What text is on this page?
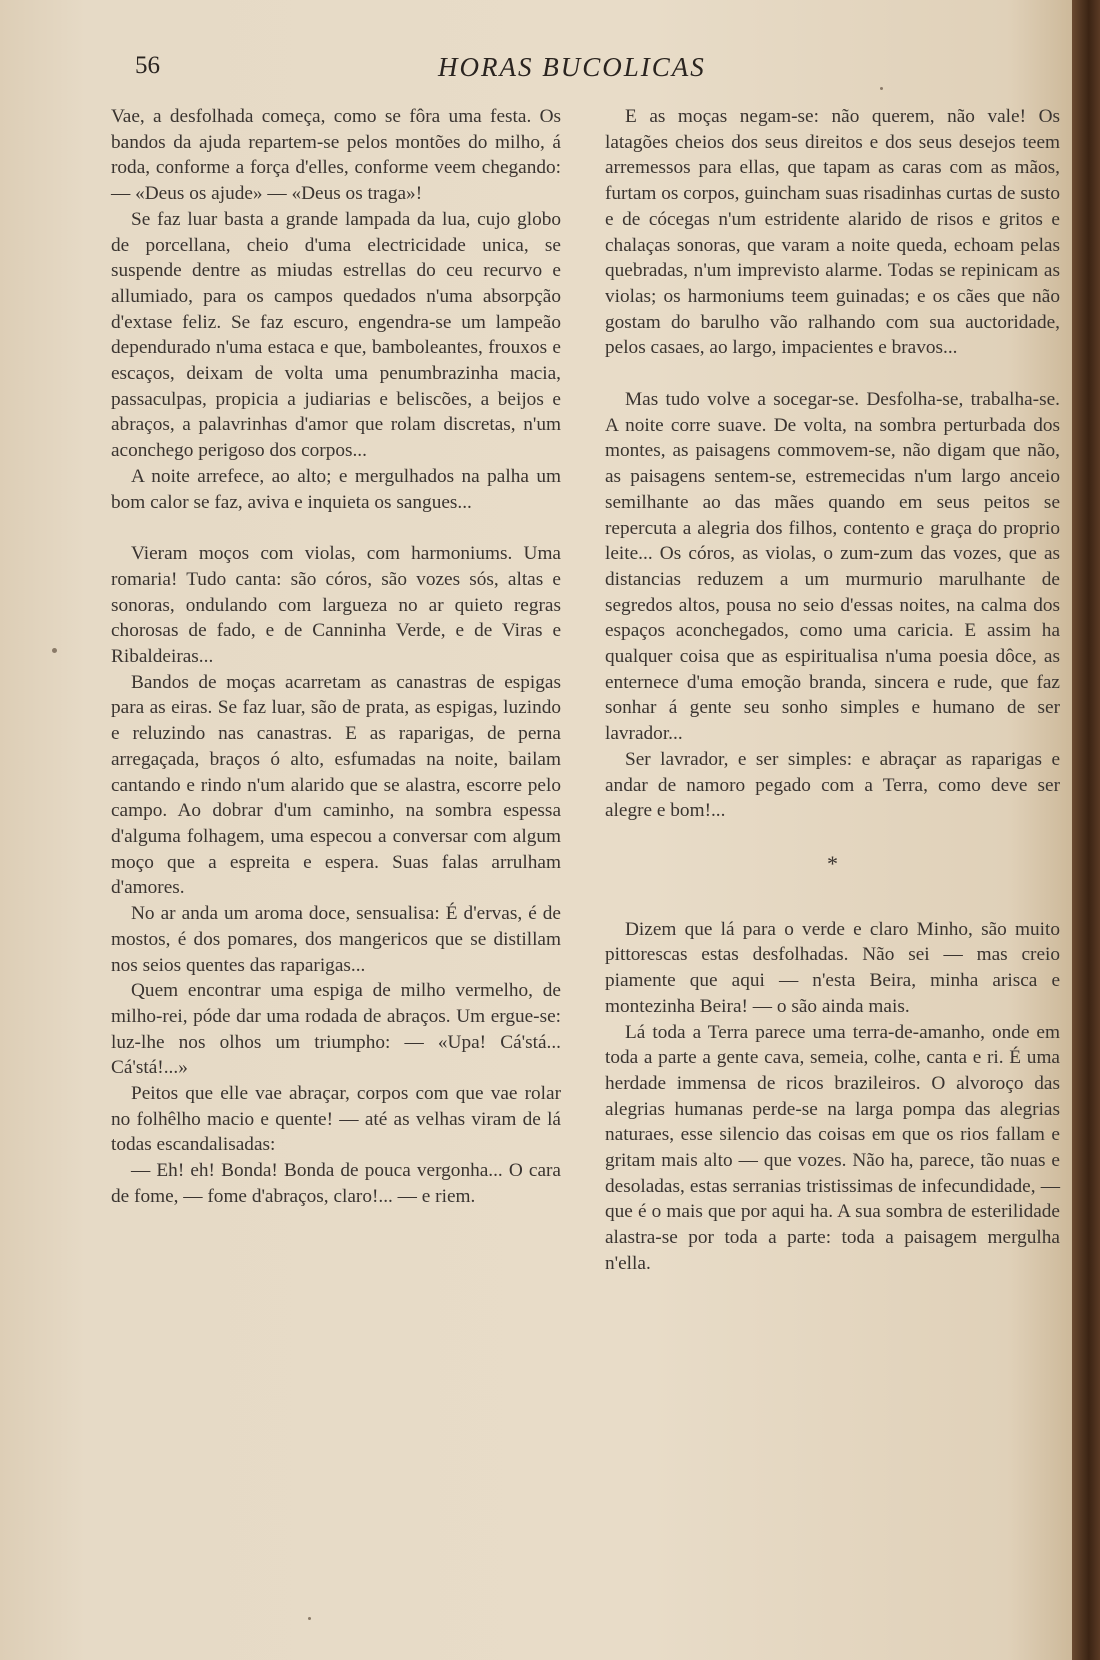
56	HORAS BUCOLICAS

Vae, a desfolhada começa, como se fôra uma festa. Os bandos da ajuda repartem-se pelos montões do milho, á roda, conforme a força d'elles, conforme veem chegando: — «Deus os ajude» — «Deus os traga»!

Se faz luar basta a grande lampada da lua, cujo globo de porcellana, cheio d'uma electricidade unica, se suspende dentre as miudas estrellas do ceu recurvo e allumiado, para os campos quedados n'uma absorpção d'extase feliz. Se faz escuro, engendra-se um lampeão dependurado n'uma estaca e que, bamboleantes, frouxos e escaços, deixam de volta uma penumbrazinha macia, passaculpas, propicia a judiarias e beliscões, a beijos e abraços, a palavrinhas d'amor que rolam discretas, n'um aconchego perigoso dos corpos...

A noite arrefece, ao alto; e mergulhados na palha um bom calor se faz, aviva e inquieta os sangues...

Vieram moços com violas, com harmoniums. Uma romaria! Tudo canta: são córos, são vozes sós, altas e sonoras, ondulando com largueza no ar quieto regras chorosas de fado, e de Canninha Verde, e de Viras e Ribaldeiras...

Bandos de moças acarretam as canastras de espigas para as eiras. Se faz luar, são de prata, as espigas, luzindo e reluzindo nas canastras. E as raparigas, de perna arregaçada, braços ó alto, esfumadas na noite, bailam cantando e rindo n'um alarido que se alastra, escorre pelo campo. Ao dobrar d'um caminho, na sombra espessa d'alguma folhagem, uma especou a conversar com algum moço que a espreita e espera. Suas falas arrulham d'amores.

No ar anda um aroma doce, sensualisa: É d'ervas, é de mostos, é dos pomares, dos mangericos que se distillam nos seios quentes das raparigas...

Quem encontrar uma espiga de milho vermelho, de milho-rei, póde dar uma rodada de abraços. Um ergue-se: luz-lhe nos olhos um triumpho: — «Upa! Cá'stá... Cá'stá!...»

Peitos que elle vae abraçar, corpos com que vae rolar no folhêlho macio e quente! — até as velhas viram de lá todas escandalisadas:

— Eh! eh! Bonda! Bonda de pouca vergonha... O cara de fome, — fome d'abraços, claro!... — e riem.

E as moças negam-se: não querem, não vale! Os latagões cheios dos seus direitos e dos seus desejos teem arremessos para ellas, que tapam as caras com as mãos, furtam os corpos, guincham suas risadinhas curtas de susto e de cócegas n'um estridente alarido de risos e gritos e chalaças sonoras, que varam a noite queda, echoam pelas quebradas, n'um imprevisto alarme. Todas se repinicam as violas; os harmoniums teem guinadas; e os cães que não gostam do barulho vão ralhando com sua auctoridade, pelos casaes, ao largo, impacientes e bravos...

Mas tudo volve a socegar-se. Desfolha-se, trabalha-se. A noite corre suave. De volta, na sombra perturbada dos montes, as paisagens commovem-se, não digam que não, as paisagens sentem-se, estremecidas n'um largo anceio semilhante ao das mães quando em seus peitos se repercuta a alegria dos filhos, contento e graça do proprio leite... Os córos, as violas, o zum-zum das vozes, que as distancias reduzem a um murmurio marulhante de segredos altos, pousa no seio d'essas noites, na calma dos espaços aconchegados, como uma caricia. E assim ha qualquer coisa que as espiritualisa n'uma poesia dôce, as enternece d'uma emoção branda, sincera e rude, que faz sonhar á gente seu sonho simples e humano de ser lavrador...

Ser lavrador, e ser simples: e abraçar as raparigas e andar de namoro pegado com a Terra, como deve ser alegre e bom!...

*

Dizem que lá para o verde e claro Minho, são muito pittorescas estas desfolhadas. Não sei — mas creio piamente que aqui — n'esta Beira, minha arisca e montezinha Beira! — o são ainda mais.

Lá toda a Terra parece uma terra-de-amanho, onde em toda a parte a gente cava, semeia, colhe, canta e ri. É uma herdade immensa de ricos brazileiros. O alvoroço das alegrias humanas perde-se na larga pompa das alegrias naturaes, esse silencio das coisas em que os rios fallam e gritam mais alto — que vozes. Não ha, parece, tão nuas e desoladas, estas serranias tristissimas de infecundidade, — que é o mais que por aqui ha. A sua sombra de esterilidade alastra-se por toda a parte: toda a paisagem mergulha n'ella.
